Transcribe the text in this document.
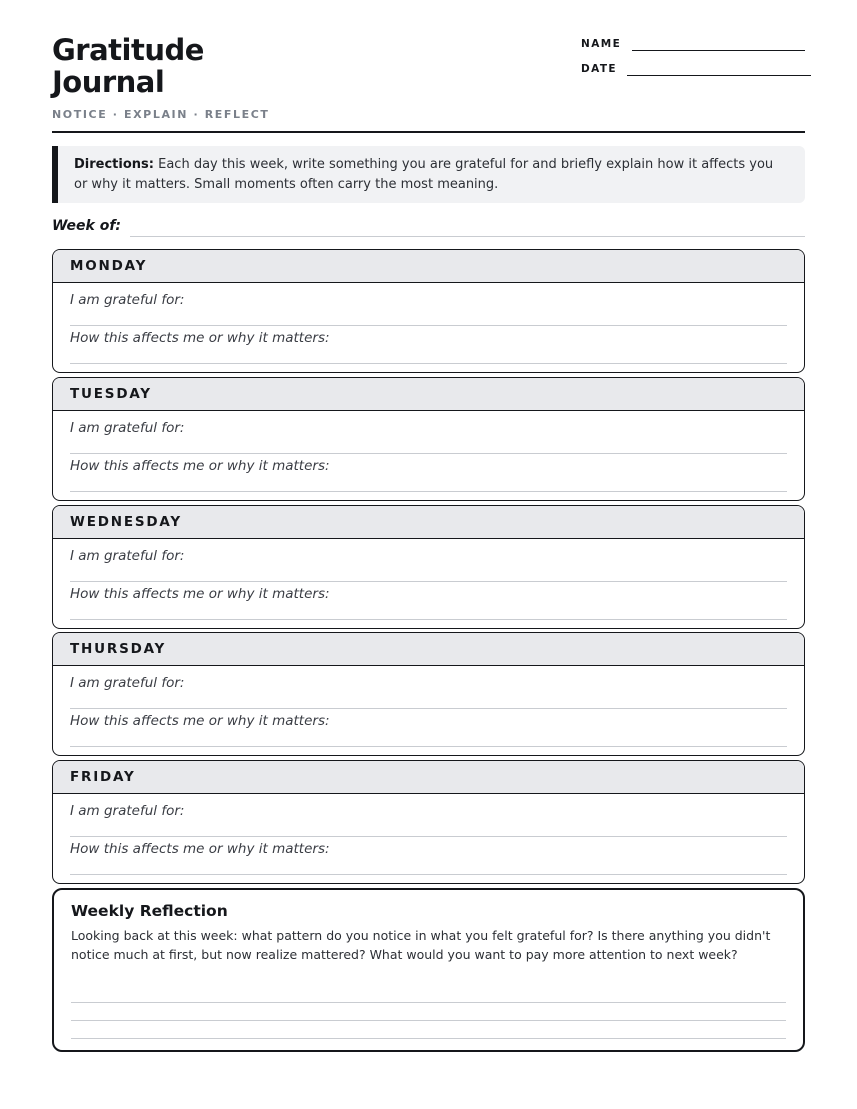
Gratitude
Journal
NOTICE · EXPLAIN · REFLECT
NAME
DATE
Directions: Each day this week, write something you are grateful for and briefly explain how it affects you or why it matters. Small moments often carry the most meaning.
Week of:
MONDAY
I am grateful for:
How this affects me or why it matters:
TUESDAY
I am grateful for:
How this affects me or why it matters:
WEDNESDAY
I am grateful for:
How this affects me or why it matters:
THURSDAY
I am grateful for:
How this affects me or why it matters:
FRIDAY
I am grateful for:
How this affects me or why it matters:
Weekly Reflection
Looking back at this week: what pattern do you notice in what you felt grateful for? Is there anything you didn't notice much at first, but now realize mattered? What would you want to pay more attention to next week?
